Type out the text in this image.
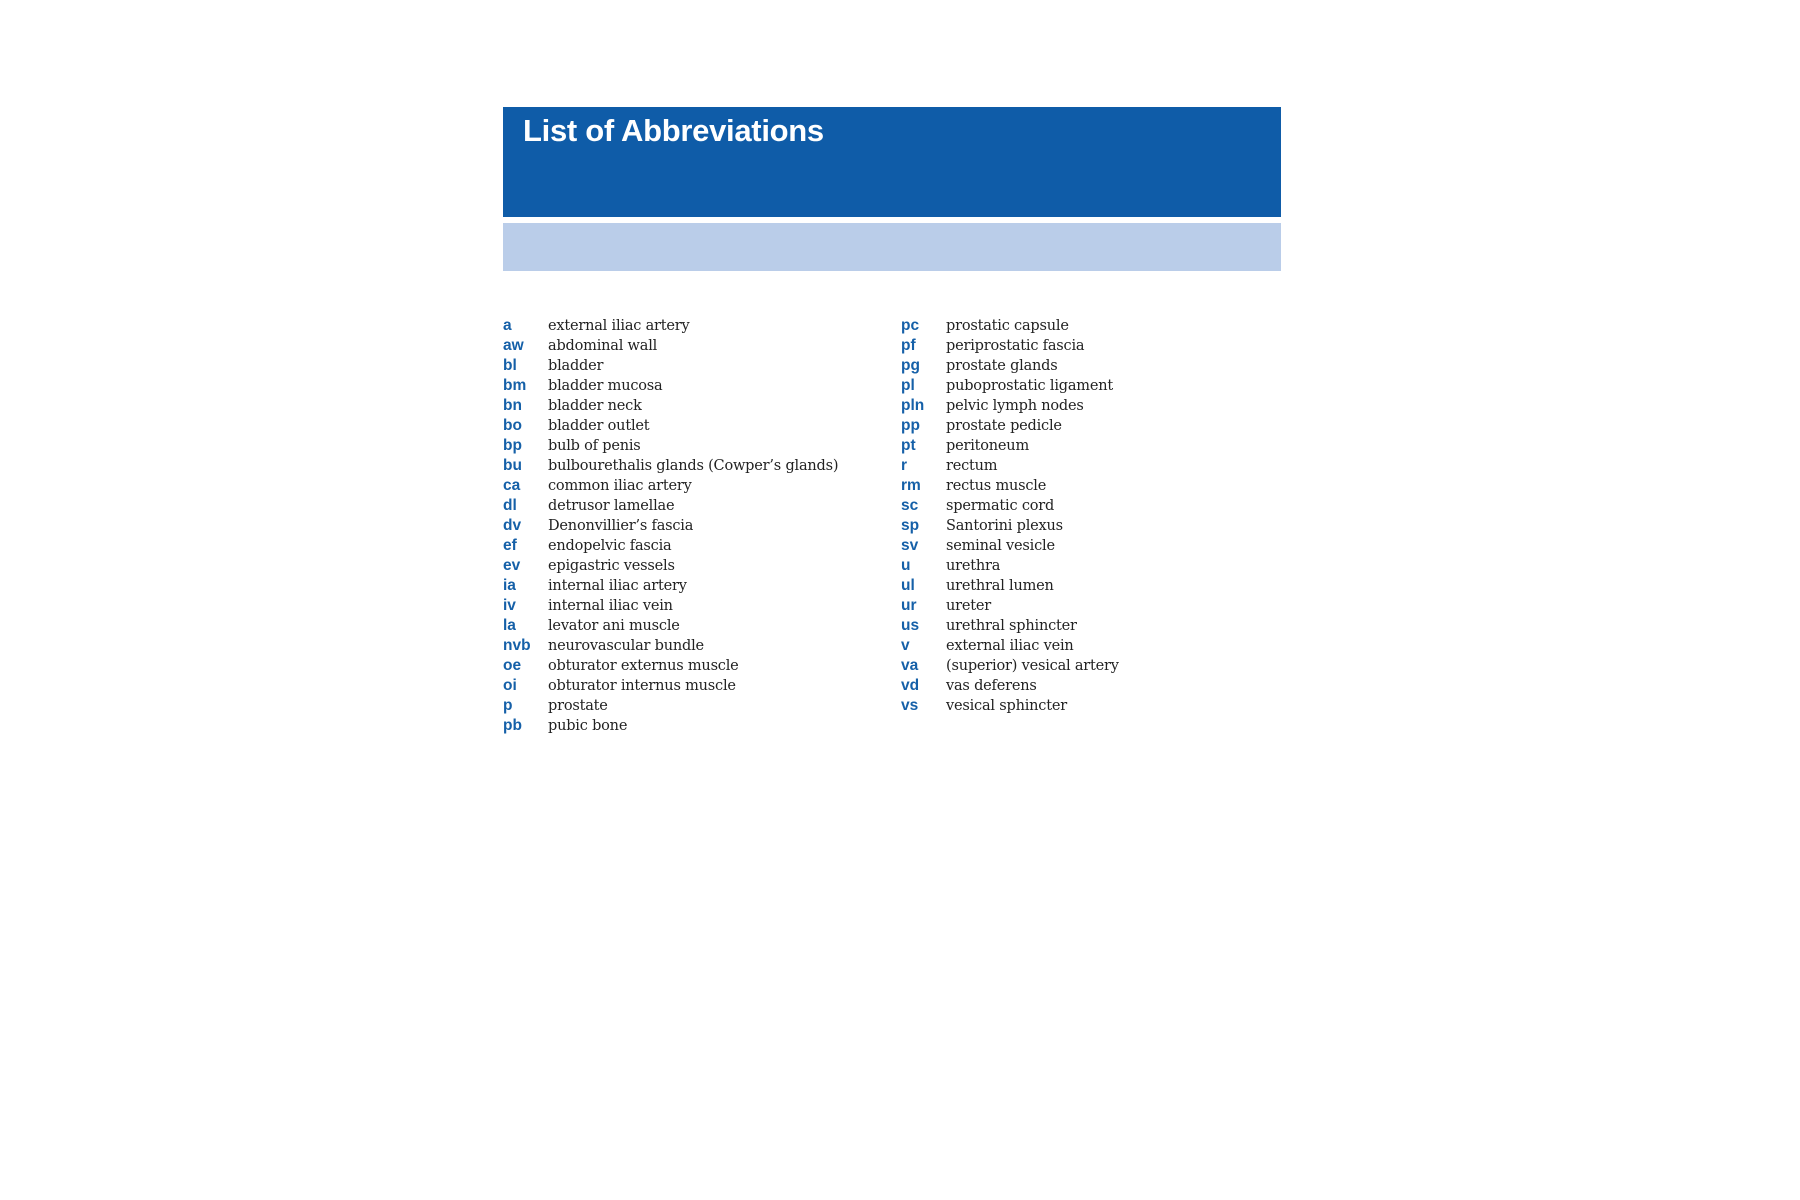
List of Abbreviations
a	external iliac artery
aw	abdominal wall
bl	bladder
bm	bladder mucosa
bn	bladder neck
bo	bladder outlet
bp	bulb of penis
bu	bulbourethalis glands (Cowper’s glands)
ca	common iliac artery
dl	detrusor lamellae
dv	Denonvillier’s fascia
ef	endopelvic fascia
ev	epigastric vessels
ia	internal iliac artery
iv	internal iliac vein
la	levator ani muscle
nvb	neurovascular bundle
oe	obturator externus muscle
oi	obturator internus muscle
p	prostate
pb	pubic bone
pc	prostatic capsule
pf	periprostatic fascia
pg	prostate glands
pl	puboprostatic ligament
pln	pelvic lymph nodes
pp	prostate pedicle
pt	peritoneum
r	rectum
rm	rectus muscle
sc	spermatic cord
sp	Santorini plexus
sv	seminal vesicle
u	urethra
ul	urethral lumen
ur	ureter
us	urethral sphincter
v	external iliac vein
va	(superior) vesical artery
vd	vas deferens
vs	vesical sphincter
